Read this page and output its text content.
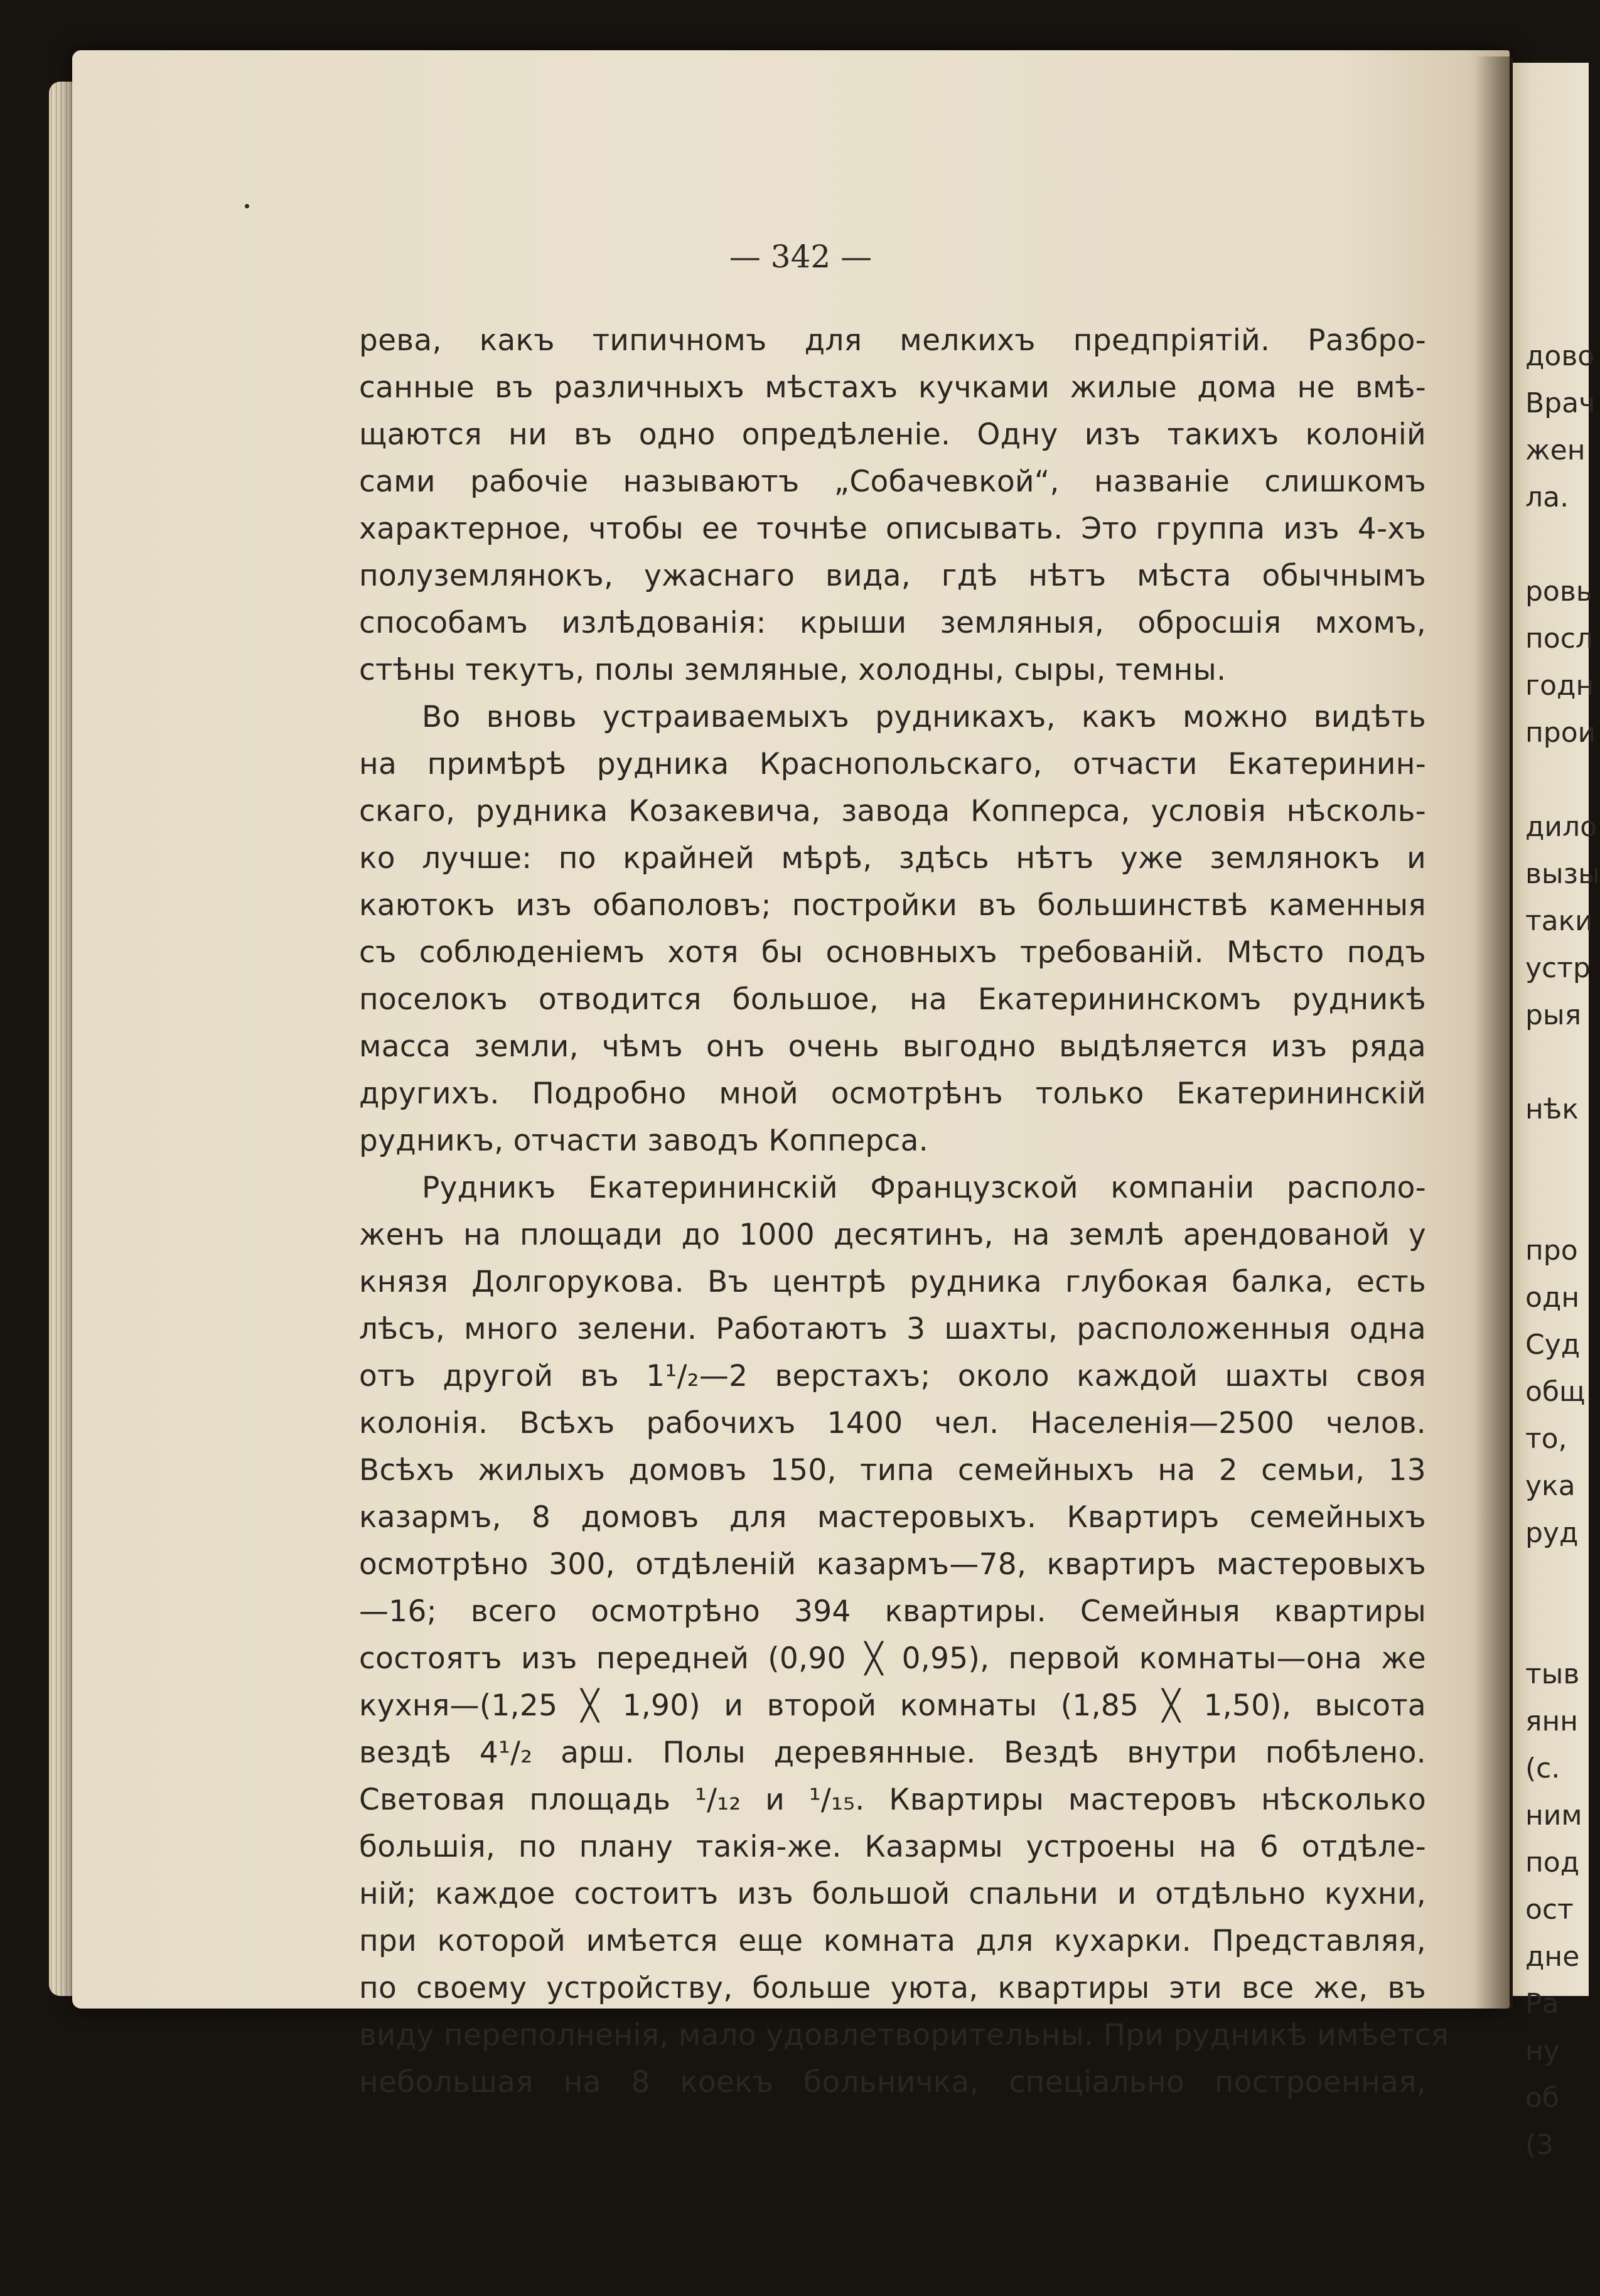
— 342 —
рева, какъ типичномъ для мелкихъ предпріятій. Разбро-
санные въ различныхъ мѣстахъ кучками жилые дома не вмѣ-
щаются ни въ одно опредѣленіе. Одну изъ такихъ колоній
сами рабочіе называютъ „Собачевкой“, названіе слишкомъ
характерное, чтобы ее точнѣе описывать. Это группа изъ 4-хъ
полуземлянокъ, ужаснаго вида, гдѣ нѣтъ мѣста обычнымъ
способамъ излѣдованія: крыши земляныя, обросшія мхомъ,
стѣны текутъ, полы земляные, холодны, сыры, темны.
Во вновь устраиваемыхъ рудникахъ, какъ можно видѣть
на примѣрѣ рудника Краснопольскаго, отчасти Екатеринин-
скаго, рудника Козакевича, завода Копперса, условія нѣсколь-
ко лучше: по крайней мѣрѣ, здѣсь нѣтъ уже землянокъ и
каютокъ изъ обаполовъ; постройки въ большинствѣ каменныя
съ соблюденіемъ хотя бы основныхъ требованій. Мѣсто подъ
поселокъ отводится большое, на Екатерининскомъ рудникѣ
масса земли, чѣмъ онъ очень выгодно выдѣляется изъ ряда
другихъ. Подробно мной осмотрѣнъ только Екатерининскій
рудникъ, отчасти заводъ Копперса.
Рудникъ Екатерининскій Французской компаніи располо-
женъ на площади до 1000 десятинъ, на землѣ арендованой у
князя Долгорукова. Въ центрѣ рудника глубокая балка, есть
лѣсъ, много зелени. Работаютъ 3 шахты, расположенныя одна
отъ другой въ 1¹/₂—2 верстахъ; около каждой шахты своя
колонія. Всѣхъ рабочихъ 1400 чел. Населенія—2500 челов.
Всѣхъ жилыхъ домовъ 150, типа семейныхъ на 2 семьи, 13
казармъ, 8 домовъ для мастеровыхъ. Квартиръ семейныхъ
осмотрѣно 300, отдѣленій казармъ—78, квартиръ мастеровыхъ
—16; всего осмотрѣно 394 квартиры. Семейныя квартиры
состоятъ изъ передней (0,90 ╳ 0,95), первой комнаты—она же
кухня—(1,25 ╳ 1,90) и второй комнаты (1,85 ╳ 1,50), высота
вездѣ 4¹/₂ арш. Полы деревянные. Вездѣ внутри побѣлено.
Световая площадь ¹/₁₂ и ¹/₁₅. Квартиры мастеровъ нѣсколько
большія, по плану такія-же. Казармы устроены на 6 отдѣле-
ній; каждое состоитъ изъ большой спальни и отдѣльно кухни,
при которой имѣется еще комната для кухарки. Представляя,
по своему устройству, больше уюта, квартиры эти все же, въ
виду переполненія, мало удовлетворительны. При рудникѣ имѣется
небольшая на 8 коекъ больничка, спеціально построенная,
дово
Врач
жен
ла.
ровь
посл
годн
прои
дило
вызы
таки
устр
рыя
нѣк
про
одн
Суд
общ
то,
ука
руд
тыв
янн
(с.
ним
под
ост
дне
Ра
ну
об
(3
